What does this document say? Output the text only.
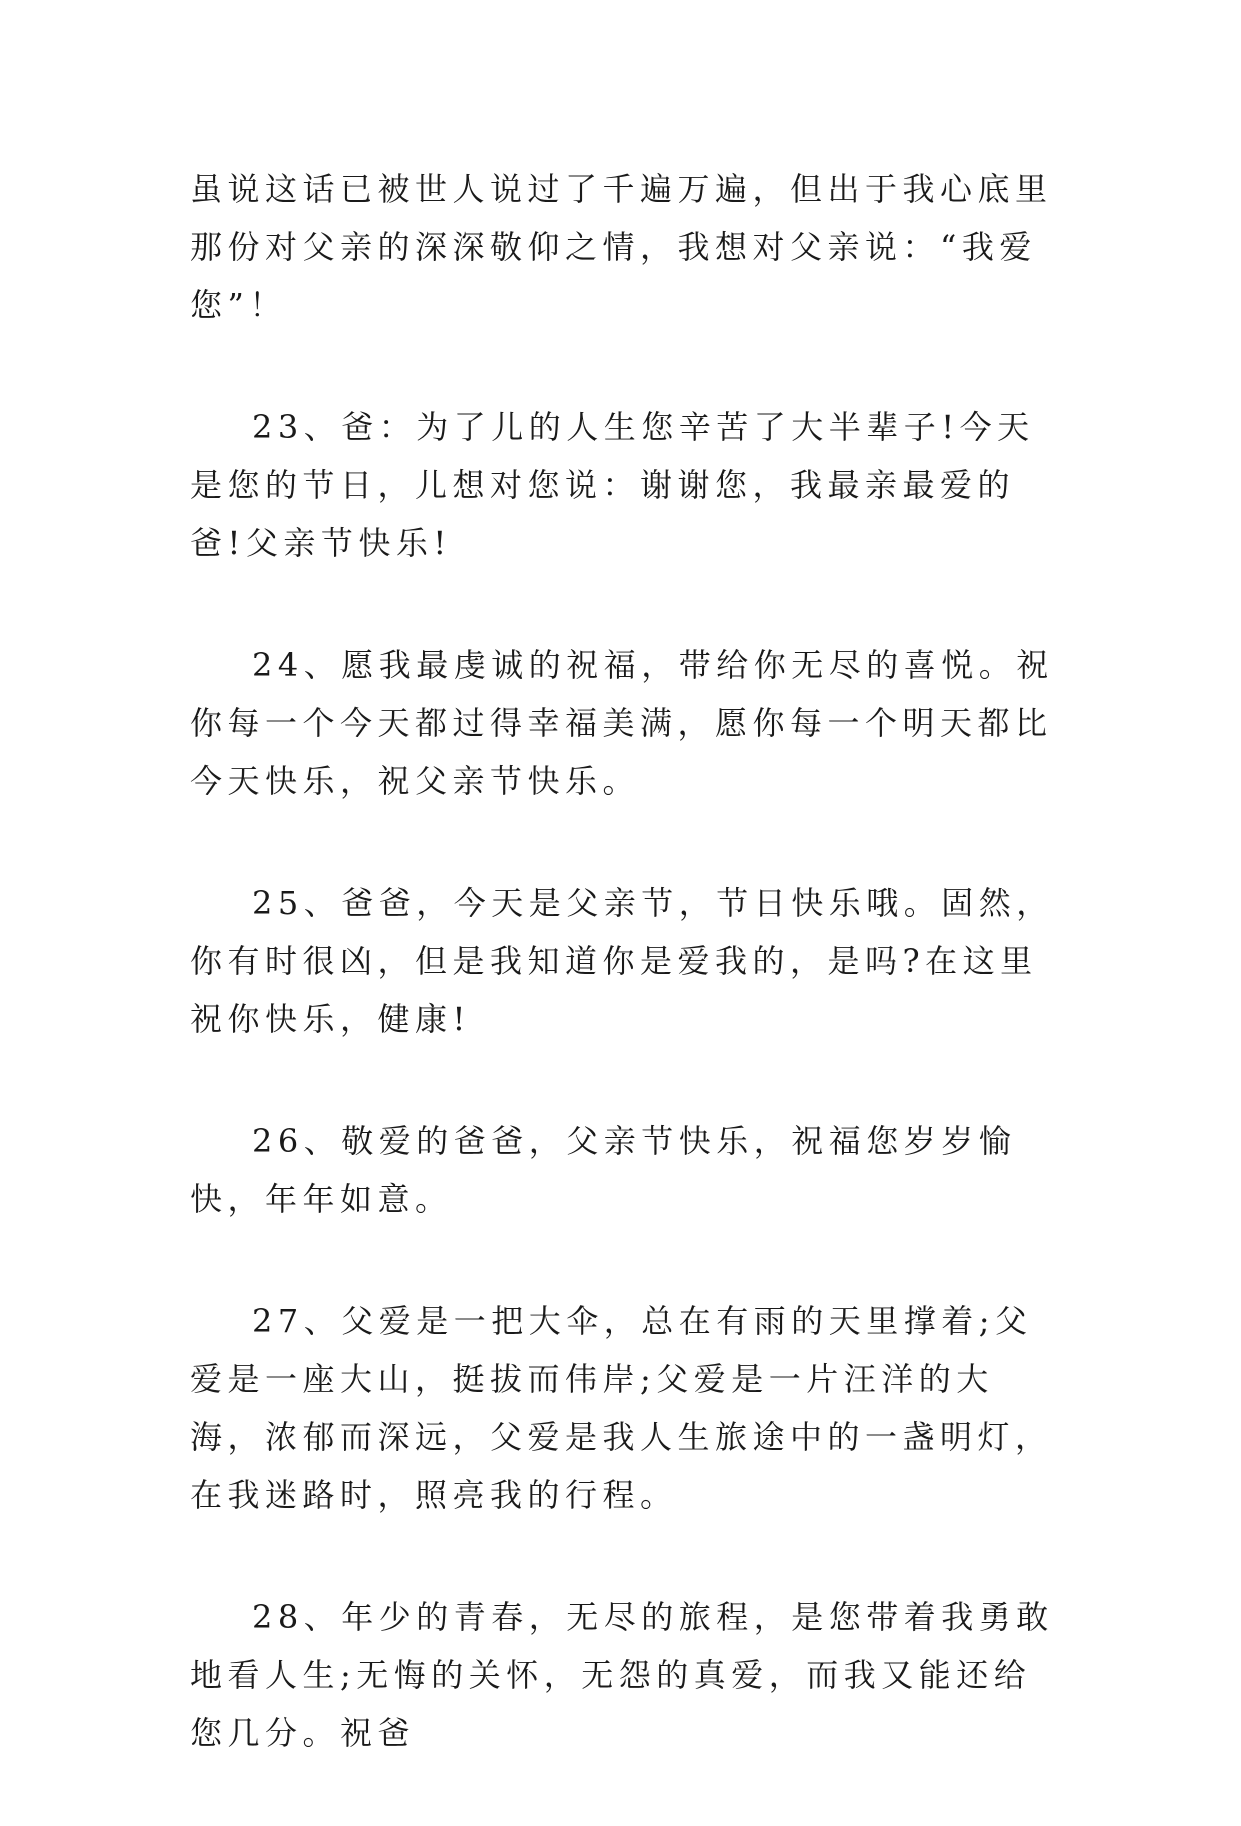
虽说这话已被世人说过了千遍万遍，但出于我心底里那份对父亲的深深敬仰之情，我想对父亲说：“我爱您”！

23、爸：为了儿的人生您辛苦了大半辈子!今天是您的节日，儿想对您说：谢谢您，我最亲最爱的爸!父亲节快乐!

24、愿我最虔诚的祝福，带给你无尽的喜悦。祝你每一个今天都过得幸福美满，愿你每一个明天都比今天快乐，祝父亲节快乐。

25、爸爸，今天是父亲节，节日快乐哦。固然，你有时很凶，但是我知道你是爱我的，是吗?在这里祝你快乐，健康!

26、敬爱的爸爸，父亲节快乐，祝福您岁岁愉快，年年如意。

27、父爱是一把大伞，总在有雨的天里撑着;父爱是一座大山，挺拔而伟岸;父爱是一片汪洋的大海，浓郁而深远，父爱是我人生旅途中的一盏明灯，在我迷路时，照亮我的行程。

28、年少的青春，无尽的旅程，是您带着我勇敢地看人生;无悔的关怀，无怨的真爱，而我又能还给您几分。祝爸
